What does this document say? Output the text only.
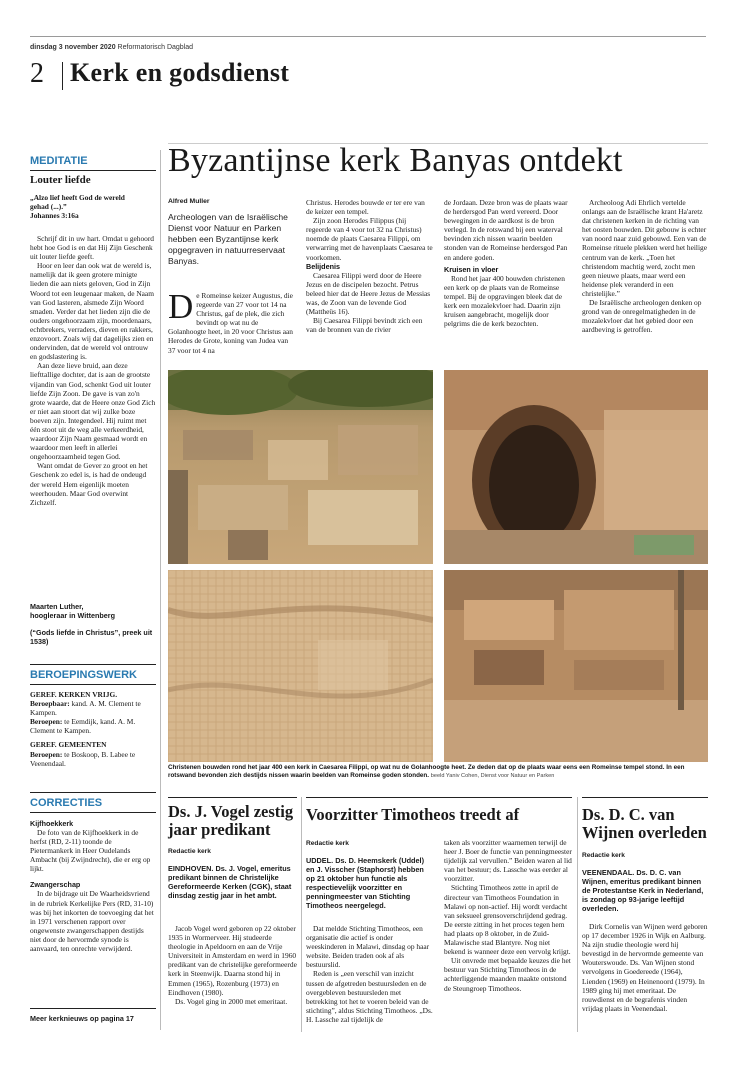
dinsdag 3 november 2020 Reformatorisch Dagblad
2 Kerk en godsdienst
MEDITATIE
Louter liefde

„Alzo lief heeft God de wereld

gehad (...).”

Johannes 3:16a

Schrijf dit in uw hart. Omdat u gehoord hebt hoe God is en dat Hij Zijn Geschenk uit louter liefde geeft.

Hoor en leer dan ook wat de wereld is, namelijk dat ik geen grotere minigte lieden die aan niets geloven, God in Zijn Woord tot een leugenaar maken, de Naam van God lasteren, alsmede Zijn Woord smaden. Verder dat het lieden zijn die de ouders ongehoorzaam zijn, moordenaars, echtbrekers, verraders, dieven en rakkers, enzovoort. Zoals wij dat dagelijks zien en ondervinden, dat de wereld vol ontrouw en godslastering is.

Aan deze lieve bruid, aan deze liefttallige dochter, dat is aan de grootste vijandin van God, schenkt God uit louter liefde Zijn Zoon. De gave is van zo'n grote waarde, dat de Heere onze God Zich er niet aan stoort dat wij zulke boze boeven zijn. Integendeel. Hij ruimt met één stoot uit de weg alle verkeerdheid, waardoor Zijn Naam gesmaad wordt en waardoor men leeft in allerlei ongehoorzaamheid tegen God.

Want omdat de Gever zo groot en het Geschenk zo edel is, is had de ondeugd der wereld Hem eigenlijk moeten weerhouden. Maar God overwint Zichzelf.

Maarten Luther,
hoogleraar in Wittenberg
(“Gods liefde in Christus”, preek uit 1538)
BEROEPINGSWERK

GEREF. KERKEN VRIJG.

Beroepbaar: kand. A. M. Clement te Kampen.

Beroepen: te Eemdijk, kand. A. M. Clement te Kampen.

GEREF. GEMEENTEN

Beroepen: te Boskoop, B. Labee te Veenendaal.

CORRECTIES

Kijfhoekkerk

De foto van de Kijfhoekkerk in de herfst (RD, 2-11) toonde de Pietermankerk in Heer Oudelands Ambacht (bij Zwijndrecht), die er erg op lijkt.

Zwangerschap

In de bijdrage uit De Waarheidsvriend in de rubriek Kerkelijke Pers (RD, 31-10) was bij het inkorten de toevoeging dat het in 1971 verschenen rapport over ongewenste zwangerschappen destijds niet door de hervormde synode is aanvaard, ten onrechte verwijderd.

Meer kerknieuws op pagina 17
Byzantijnse kerk Banyas ontdekt
Alfred Muller
Archeologen van de Israëlische Dienst voor Natuur en Parken hebben een Byzantijnse kerk opgegraven in natuurreservaat Banyas.

De Romeinse keizer Augustus, die regeerde van 27 voor tot 14 na Christus, gaf de plek, die zich bevindt op wat nu de Golanhoogte heet, in 20 voor Christus aan Herodes de Grote, koning van Judea van 37 voor tot 4 na

Christus. Herodes bouwde er ter ere van de keizer een tempel.

Zijn zoon Herodes Filippus (hij regeerde van 4 voor tot 32 na Christus) noemde de plaats Caesarea Filippi, om verwarring met de havenplaats Caesarea te voorkomen.

Belijdenis

Caesarea Filippi werd door de Heere Jezus en de discipelen bezocht. Petrus beleed hier dat de Heere Jezus de Messias was, de Zoon van de levende God (Mattheüs 16).

Bij Caesarea Filippi bevindt zich een van de bronnen van de rivier

de Jordaan. Deze bron was de plaats waar de herdersgod Pan werd vereerd. Door bewegingen in de aardkost is de bron verlegd. In de rotswand bij een waterval bevinden zich nissen waarin beelden stonden van de Romeinse herdersgod Pan en andere goden.

Kruisen in vloer

Rond het jaar 400 bouwden christenen een kerk op de plaats van de Romeinse tempel. Bij de opgravingen bleek dat de kerk een mozaïekvloer had. Daarin zijn kruisen aangebracht, mogelijk door pelgrims die de kerk bezochten.

Archeoloog Adi Ehrlich vertelde onlangs aan de Israëlische krant Ha'aretz dat christenen kerken in de richting van het oosten bouwden. Dit gebouw is echter van noord naar zuid gebouwd. Een van de Romeinse rituele plekken werd het heilige centrum van de kerk. „Toen het christendom machtig werd, zocht men geen nieuwe plaats, maar werd een heidense plek veranderd in een christelijke.”

De Israëlische archeologen denken op grond van de onregelmatigheden in de mozaïekvloer dat het gebied door een aardbeving is getroffen.

Christenen bouwden rond het jaar 400 een kerk in Caesarea Filippi, op wat nu de Golanhoogte heet. Ze deden dat op de plaats waar eens een Romeinse tempel stond. In een rotswand bevonden zich destijds nissen waarin beelden van Romeinse goden stonden. beeld Yaniv Cohen, Dienst voor Natuur en Parken
Ds. J. Vogel zestig jaar predikant
Redactie kerk
EINDHOVEN. Ds. J. Vogel, emeritus predikant binnen de Christelijke Gereformeerde Kerken (CGK), staat dinsdag zestig jaar in het ambt.

Jacob Vogel werd geboren op 22 oktober 1935 in Wormerveer. Hij studeerde theologie in Apeldoorn en aan de Vrije Universiteit in Amsterdam en werd in 1960 predikant van de christelijke gereformeerde kerk in Steenwijk. Daarna stond hij in Emmen (1965), Rozenburg (1973) en Eindhoven (1980).

Ds. Vogel ging in 2000 met emeritaat.

Voorzitter Timotheos treedt af
Redactie kerk
UDDEL. Ds. D. Heemskerk (Uddel) en J. Visscher (Staphorst) hebben op 21 oktober hun functie als respectievelijk voorzitter en penningmeester van Stichting Timotheos neergelegd.

Dat meldde Stichting Timotheos, een organisatie die actief is onder weeskinderen in Malawi, dinsdag op haar website. Beiden traden ook af als bestuurslid.

Reden is „een verschil van inzicht tussen de afgetreden bestuursleden en de overgebleven bestuursleden met betrekking tot het te voeren beleid van de stichting”, aldus Stichting Timotheos. „Ds. H. Lassche zal tijdelijk de

taken als voorzitter waarnemen terwijl de heer J. Boer de functie van penningmeester tijdelijk zal vervullen.” Beiden waren al lid van het bestuur; ds. Lassche was eerder al voorzitter.

Stichting Timotheos zette in april de directeur van Timotheos Foundation in Malawi op non-actief. Hij wordt verdacht van seksueel grensoverschrijdend gedrag. De eerste zitting in het proces tegen hem had plaats op 8 oktober, in de Zuid-Malawische stad Blantyre. Nog niet bekend is wanneer deze een vervolg krijgt.

Uit onvrede met bepaalde keuzes die het bestuur van Stichting Timotheos in de achterliggende maanden maakte ontstond de Steungroep Timotheos.

Ds. D. C. van Wijnen overleden
Redactie kerk
VEENENDAAL. Ds. D. C. van Wijnen, emeritus predikant binnen de Protestantse Kerk in Nederland, is zondag op 93-jarige leeftijd overleden.

Dirk Cornelis van Wijnen werd geboren op 17 december 1926 in Wijk en Aalburg. Na zijn studie theologie werd hij bevestigd in de hervormde gemeente van Wouterswoude. Ds. Van Wijnen stond vervolgens in Goedereede (1964), Lienden (1969) en Heinenoord (1979). In 1989 ging hij met emeritaat. De rouwdienst en de begrafenis vinden vrijdag plaats in Veenendaal.
